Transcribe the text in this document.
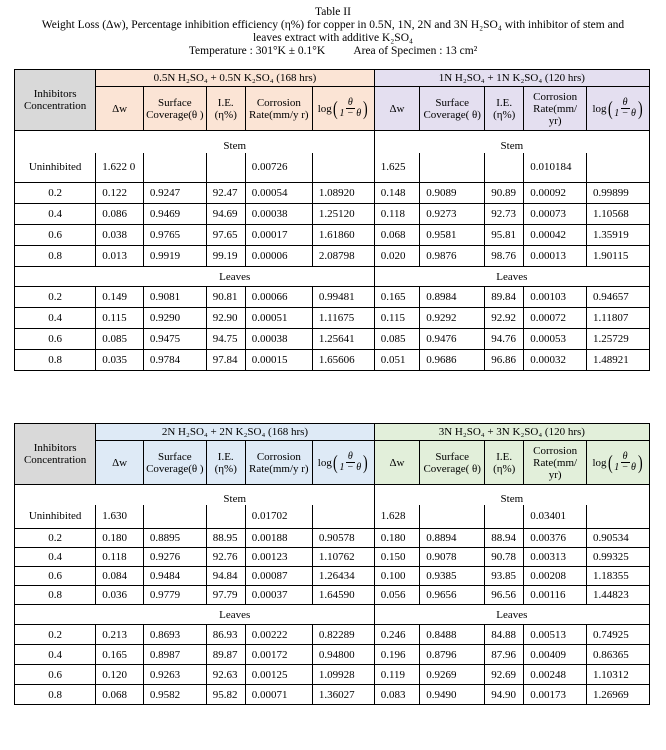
Table II
Weight Loss (Δw), Percentage inhibition efficiency (η%) for copper in 0.5N, 1N, 2N and 3N H₂SO₄ with inhibitor of stem and
leaves extract with additive K₂SO₄
Temperature : 301°K ± 0.1°K          Area of Specimen : 13 cm²
Inhibitors Concentration	0.5N H₂SO₄ + 0.5N K₂SO₄ (168 hrs)					1N H₂SO₄ + 1N K₂SO₄ (120 hrs)				
	Δw	Surface Coverage(θ )	I.E. (η%)	Corrosion Rate(mm/y r)	log ( $\frac{\theta}{1 - \theta}$ )	Δw	Surface Coverage( θ)	I.E. (η%)	Corrosion Rate(mm/ yr)	log ( $\frac{\theta}{1 - \theta}$ )

	Stem					Stem				
Uninhibited	1.622 0			0.00726		1.625			0.010184	
0.2	0.122	0.9247	92.47	0.00054	1.08920	0.148	0.9089	90.89	0.00092	0.99899
0.4	0.086	0.9469	94.69	0.00038	1.25120	0.118	0.9273	92.73	0.00073	1.10568
0.6	0.038	0.9765	97.65	0.00017	1.61860	0.068	0.9581	95.81	0.00042	1.35919
0.8	0.013	0.9919	99.19	0.00006	2.08798	0.020	0.9876	98.76	0.00013	1.90115
	Leaves					Leaves				
0.2	0.149	0.9081	90.81	0.00066	0.99481	0.165	0.8984	89.84	0.00103	0.94657
0.4	0.115	0.9290	92.90	0.00051	1.11675	0.115	0.9292	92.92	0.00072	1.11807
0.6	0.085	0.9475	94.75	0.00038	1.25641	0.085	0.9476	94.76	0.00053	1.25729
0.8	0.035	0.9784	97.84	0.00015	1.65606	0.051	0.9686	96.86	0.00032	1.48921
Inhibitors Concentration	2N H₂SO₄ + 2N K₂SO₄ (168 hrs)					3N H₂SO₄ + 3N K₂SO₄ (120 hrs)				
	Δw	Surface Coverage(θ )	I.E. (η%)	Corrosion Rate(mm/y r)	log ( $\frac{\theta}{1 - \theta}$ )	Δw	Surface Coverage( θ)	I.E. (η%)	Corrosion Rate(mm/ yr)	log ( $\frac{\theta}{1 - \theta}$ )

	Stem					Stem				
Uninhibited	1.630			0.01702		1.628			0.03401	
0.2	0.180	0.8895	88.95	0.00188	0.90578	0.180	0.8894	88.94	0.00376	0.90534
0.4	0.118	0.9276	92.76	0.00123	1.10762	0.150	0.9078	90.78	0.00313	0.99325
0.6	0.084	0.9484	94.84	0.00087	1.26434	0.100	0.9385	93.85	0.00208	1.18355
0.8	0.036	0.9779	97.79	0.00037	1.64590	0.056	0.9656	96.56	0.00116	1.44823
	Leaves					Leaves				
0.2	0.213	0.8693	86.93	0.00222	0.82289	0.246	0.8488	84.88	0.00513	0.74925
0.4	0.165	0.8987	89.87	0.00172	0.94800	0.196	0.8796	87.96	0.00409	0.86365
0.6	0.120	0.9263	92.63	0.00125	1.09928	0.119	0.9269	92.69	0.00248	1.10312
0.8	0.068	0.9582	95.82	0.00071	1.36027	0.083	0.9490	94.90	0.00173	1.26969
